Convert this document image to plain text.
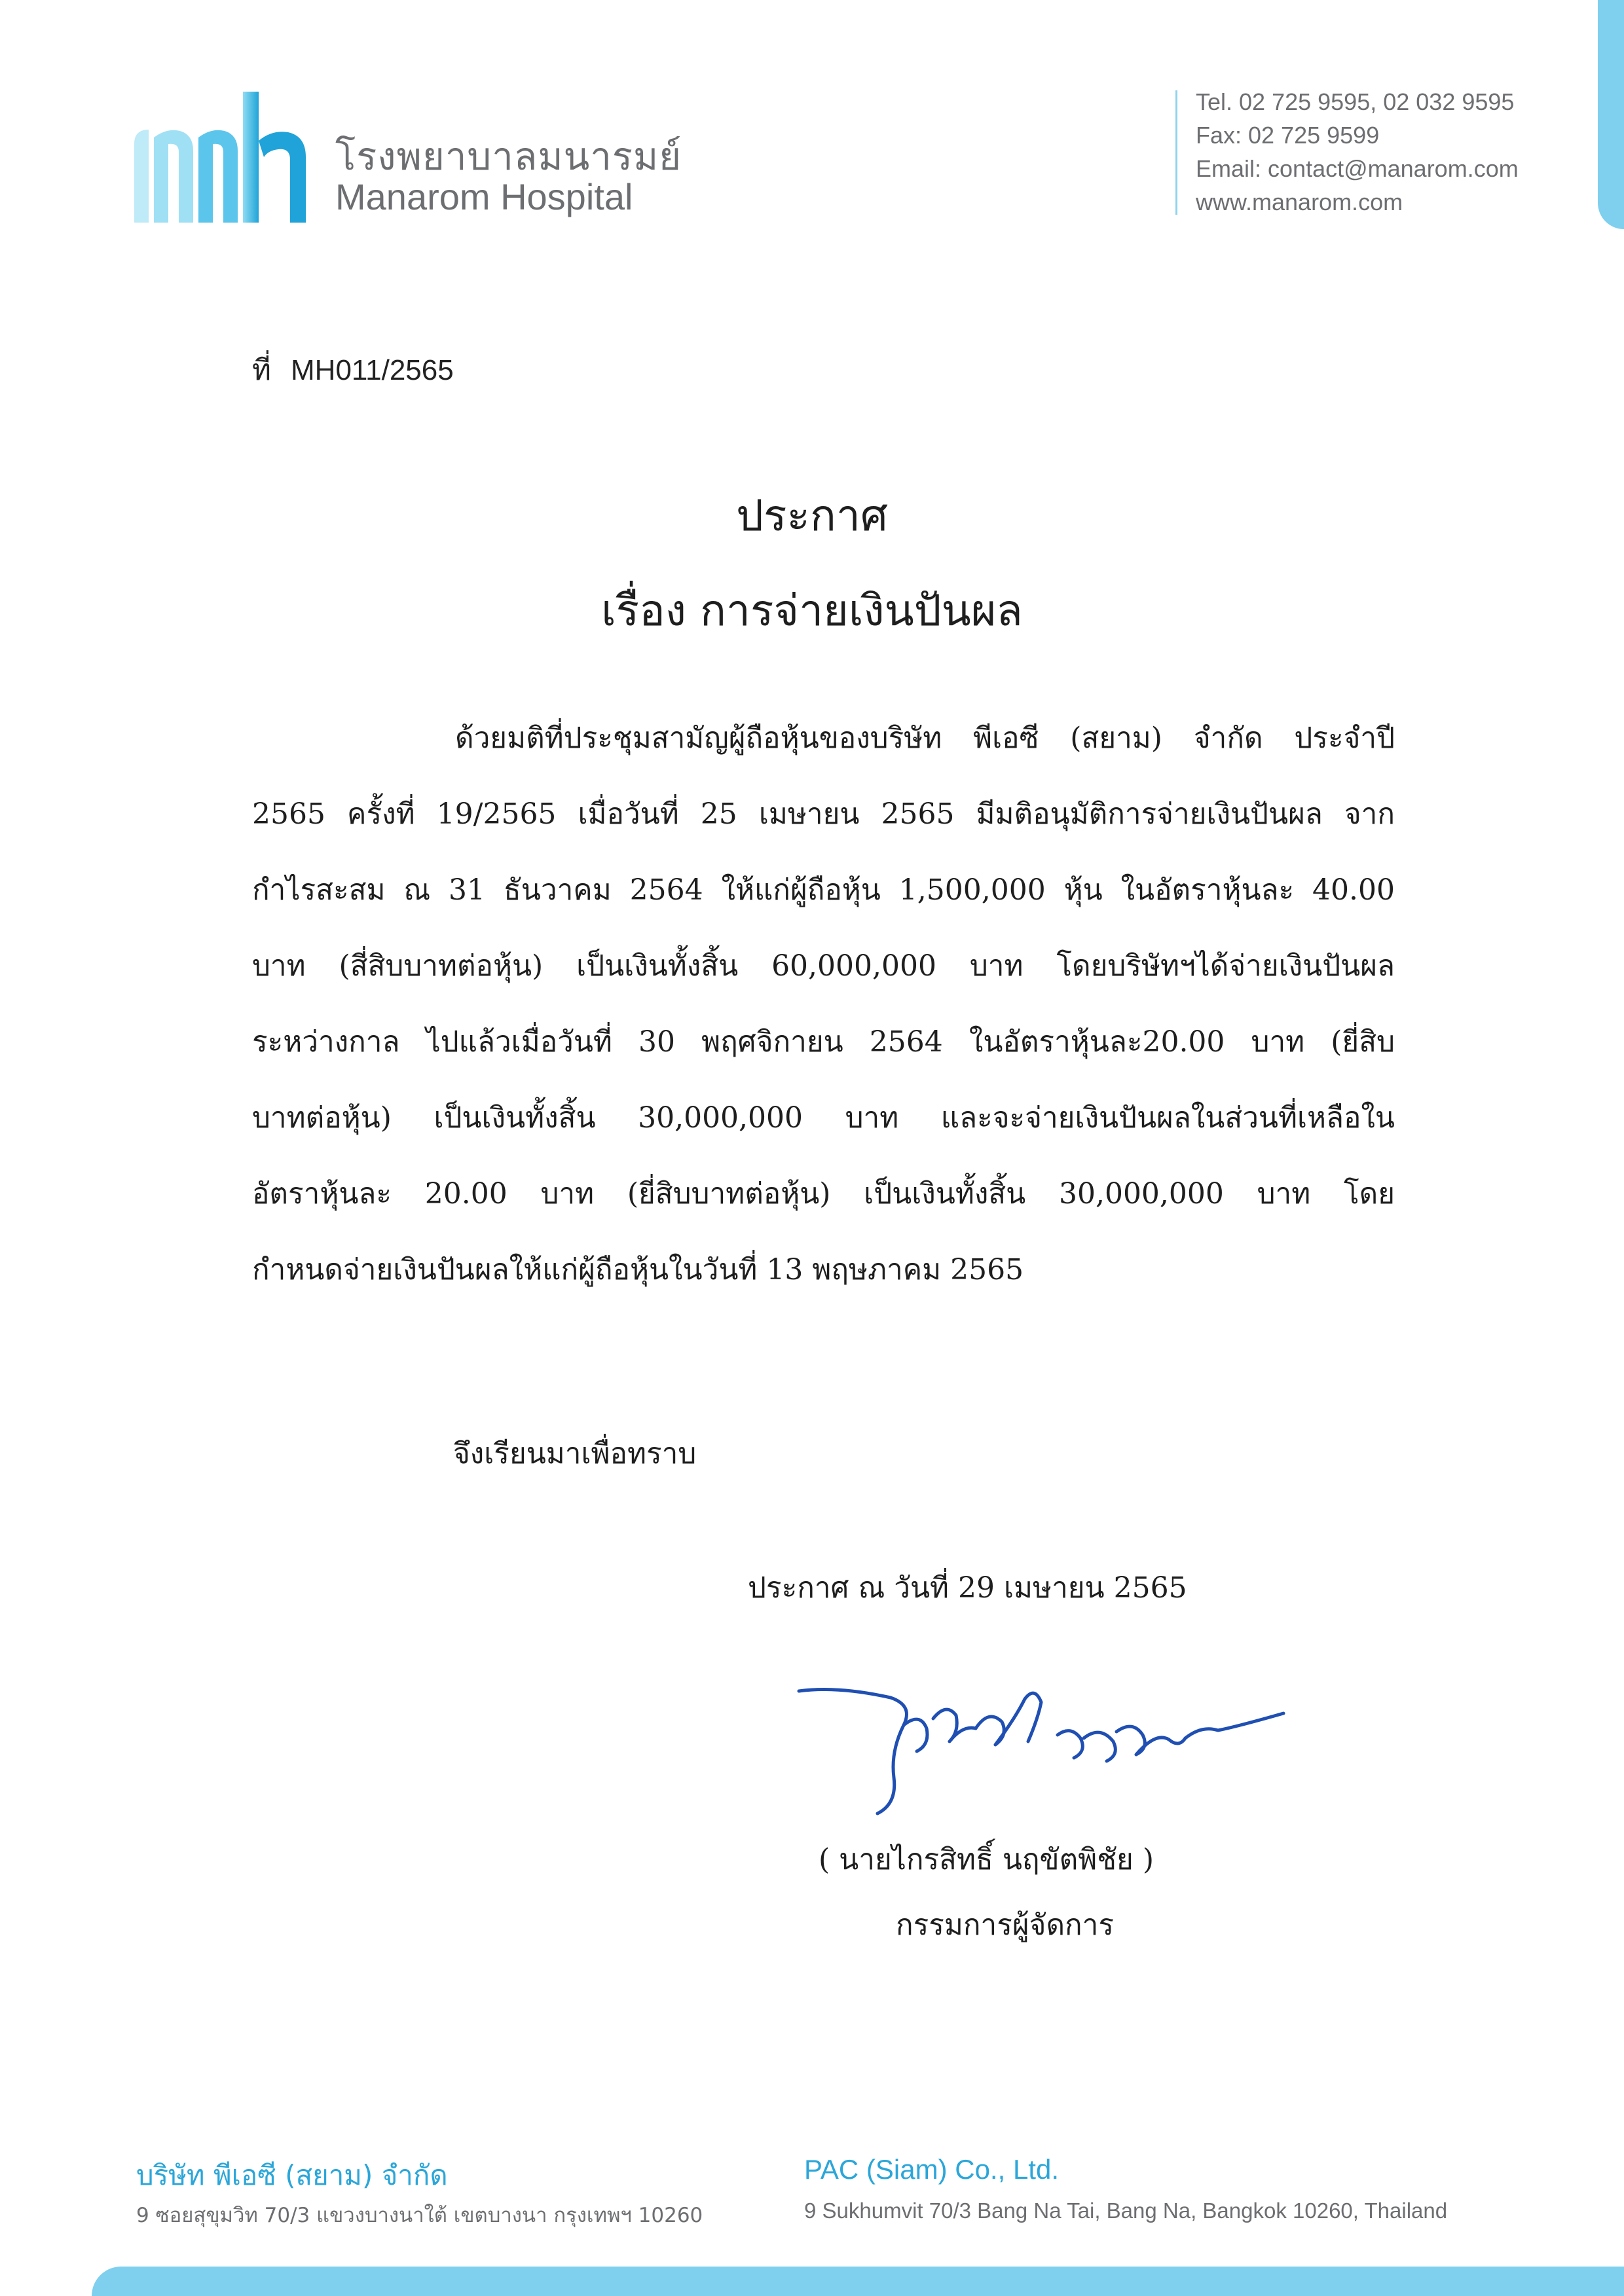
โรงพยาบาลมนารมย์
Manarom Hospital
Tel. 02 725 9595, 02 032 9595
Fax: 02 725 9599
Email: contact@manarom.com
www.manarom.com
ที่ MH011/2565
ประกาศ
เรื่อง การจ่ายเงินปันผล
ด้วยมติที่ประชุมสามัญผู้ถือหุ้นของบริษัท พีเอซี (สยาม) จำกัด ประจำปี
2565 ครั้งที่ 19/2565 เมื่อวันที่ 25 เมษายน 2565 มีมติอนุมัติการจ่ายเงินปันผล จาก
กำไรสะสม ณ 31 ธันวาคม 2564 ให้แก่ผู้ถือหุ้น 1,500,000 หุ้น ในอัตราหุ้นละ 40.00
บาท (สี่สิบบาทต่อหุ้น) เป็นเงินทั้งสิ้น 60,000,000 บาท โดยบริษัทฯได้จ่ายเงินปันผล
ระหว่างกาล ไปแล้วเมื่อวันที่ 30 พฤศจิกายน 2564 ในอัตราหุ้นละ20.00 บาท (ยี่สิบ
บาทต่อหุ้น) เป็นเงินทั้งสิ้น 30,000,000 บาท และจะจ่ายเงินปันผลในส่วนที่เหลือใน
อัตราหุ้นละ 20.00 บาท (ยี่สิบบาทต่อหุ้น) เป็นเงินทั้งสิ้น 30,000,000 บาท โดย
กำหนดจ่ายเงินปันผลให้แก่ผู้ถือหุ้นในวันที่ 13 พฤษภาคม 2565
จึงเรียนมาเพื่อทราบ
ประกาศ ณ วันที่ 29 เมษายน 2565
( นายไกรสิทธิ์ นฤขัตพิชัย )
กรรมการผู้จัดการ
บริษัท พีเอซี (สยาม) จำกัด
9 ซอยสุขุมวิท 70/3 แขวงบางนาใต้ เขตบางนา กรุงเทพฯ 10260
PAC (Siam) Co., Ltd.
9 Sukhumvit 70/3 Bang Na Tai, Bang Na, Bangkok 10260, Thailand
